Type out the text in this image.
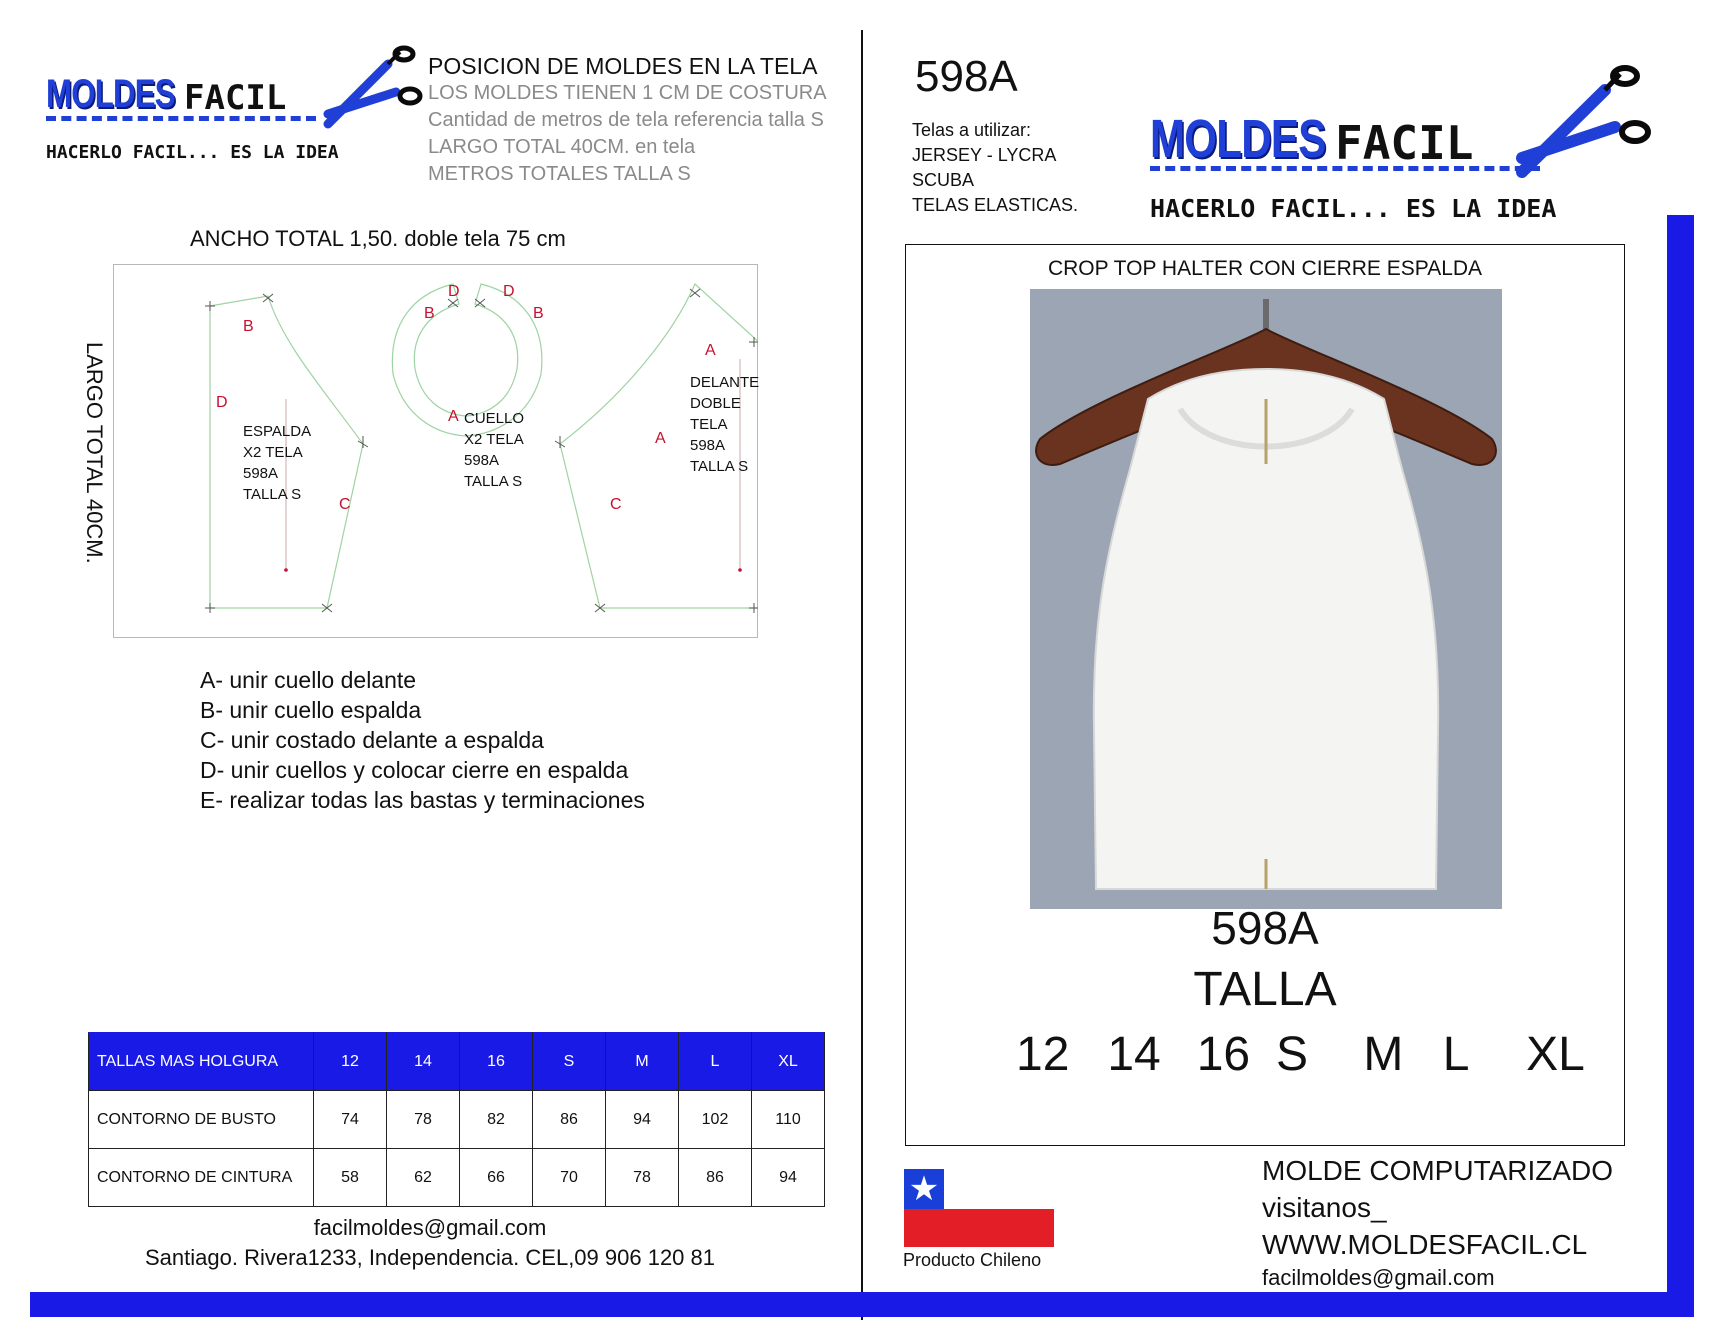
MOLDES FACIL
HACERLO FACIL... ES LA IDEA
POSICION DE MOLDES EN LA TELA
LOS MOLDES TIENEN 1 CM DE COSTURA
Cantidad de metros de tela referencia talla S
LARGO TOTAL 40CM. en tela
METROS TOTALES TALLA S
ANCHO TOTAL 1,50. doble tela 75 cm
LARGO TOTAL 40CM.
B
D
C
D	D
B	B
A
A
A
C
ESPALDA
X2 TELA
598A
TALLA S
CUELLO
X2 TELA
598A
TALLA S
DELANTE
DOBLE TELA
598A
TALLA S
A- unir cuello delante
B- unir cuello espalda
C- unir costado delante a espalda
D- unir cuellos y colocar cierre en espalda
E- realizar todas las bastas y terminaciones
TALLAS MAS HOLGURA	12	14	16	S	M	L	XL
CONTORNO DE BUSTO	74	78	82	86	94	102	110
CONTORNO DE CINTURA	58	62	66	70	78	86	94
facilmoldes@gmail.com
Santiago. Rivera1233, Independencia. CEL,09 906 120 81
598A
Telas a utilizar:
JERSEY - LYCRA
SCUBA
TELAS ELASTICAS.
MOLDES FACIL
HACERLO FACIL... ES LA IDEA
CROP TOP HALTER CON CIERRE ESPALDA
598A
TALLA
12 14 16 S M L XL
★
Producto Chileno
MOLDE COMPUTARIZADO
visitanos_
WWW.MOLDESFACIL.CL
facilmoldes@gmail.com
